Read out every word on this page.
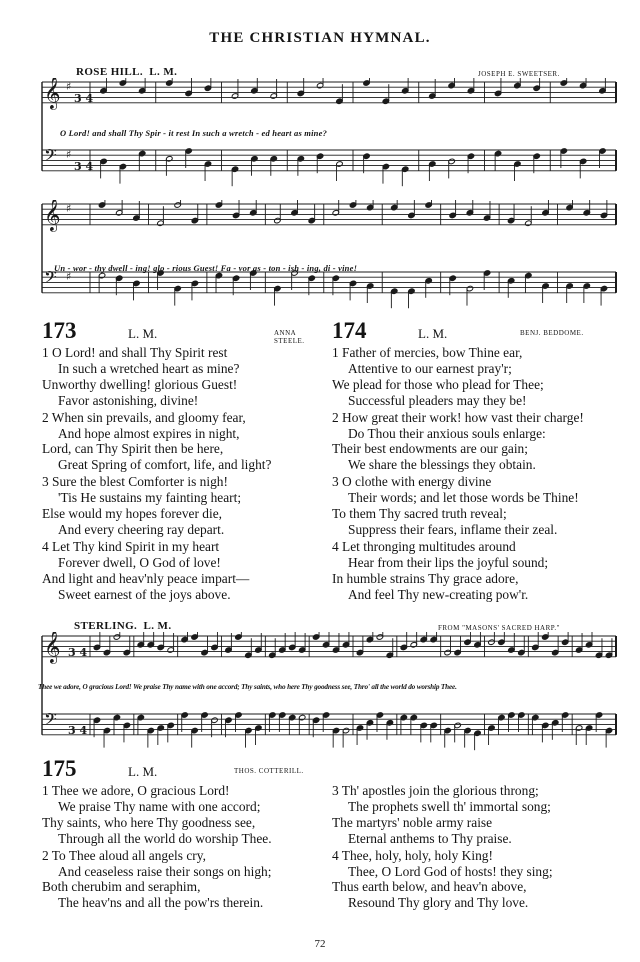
THE CHRISTIAN HYMNAL.
ROSE HILL. L. M.	JOSEPH E. SWEETSER.
𝄞 ♯
3 4
𝄢 ♯
3 4
O Lord! and shall Thy Spir - it rest In such a wretch - ed heart as mine?
𝄞 ♯
𝄢 ♯
Un - wor - thy dwell - ing! glo - rious Guest! Fa - vor as - ton - ish - ing, di - vine!
173	L. M.	ANNA STEELE.
1 O Lord! and shall Thy Spirit rest
In such a wretched heart as mine?
Unworthy dwelling! glorious Guest!
Favor astonishing, divine!
2 When sin prevails, and gloomy fear,
And hope almost expires in night,
Lord, can Thy Spirit then be here,
Great Spring of comfort, life, and light?
3 Sure the blest Comforter is nigh!
'Tis He sustains my fainting heart;
Else would my hopes forever die,
And every cheering ray depart.
4 Let Thy kind Spirit in my heart
Forever dwell, O God of love!
And light and heav'nly peace impart—
Sweet earnest of the joys above.
174	L. M.	BENJ. BEDDOME.
1 Father of mercies, bow Thine ear,
Attentive to our earnest pray'r;
We plead for those who plead for Thee;
Successful pleaders may they be!
2 How great their work! how vast their charge!
Do Thou their anxious souls enlarge:
Their best endowments are our gain;
We share the blessings they obtain.
3 O clothe with energy divine
Their words; and let those words be Thine!
To them Thy sacred truth reveal;
Suppress their fears, inflame their zeal.
4 Let thronging multitudes around
Hear from their lips the joyful sound;
In humble strains Thy grace adore,
And feel Thy new-creating pow'r.
STERLING. L. M.	FROM "MASONS' SACRED HARP."
𝄞 3 4
𝄢 3 4
Thee we adore, O gracious Lord! We praise Thy name with one accord; Thy saints, who here Thy goodness see, Thro' all the world do worship Thee.
175	L. M.	THOS. COTTERILL.
1 Thee we adore, O gracious Lord!
We praise Thy name with one accord;
Thy saints, who here Thy goodness see,
Through all the world do worship Thee.
2 To Thee aloud all angels cry,
And ceaseless raise their songs on high;
Both cherubim and seraphim,
The heav'ns and all the pow'rs therein.
3 Th' apostles join the glorious throng;
The prophets swell th' immortal song;
The martyrs' noble army raise
Eternal anthems to Thy praise.
4 Thee, holy, holy, holy King!
Thee, O Lord God of hosts! they sing;
Thus earth below, and heav'n above,
Resound Thy glory and Thy love.
72
